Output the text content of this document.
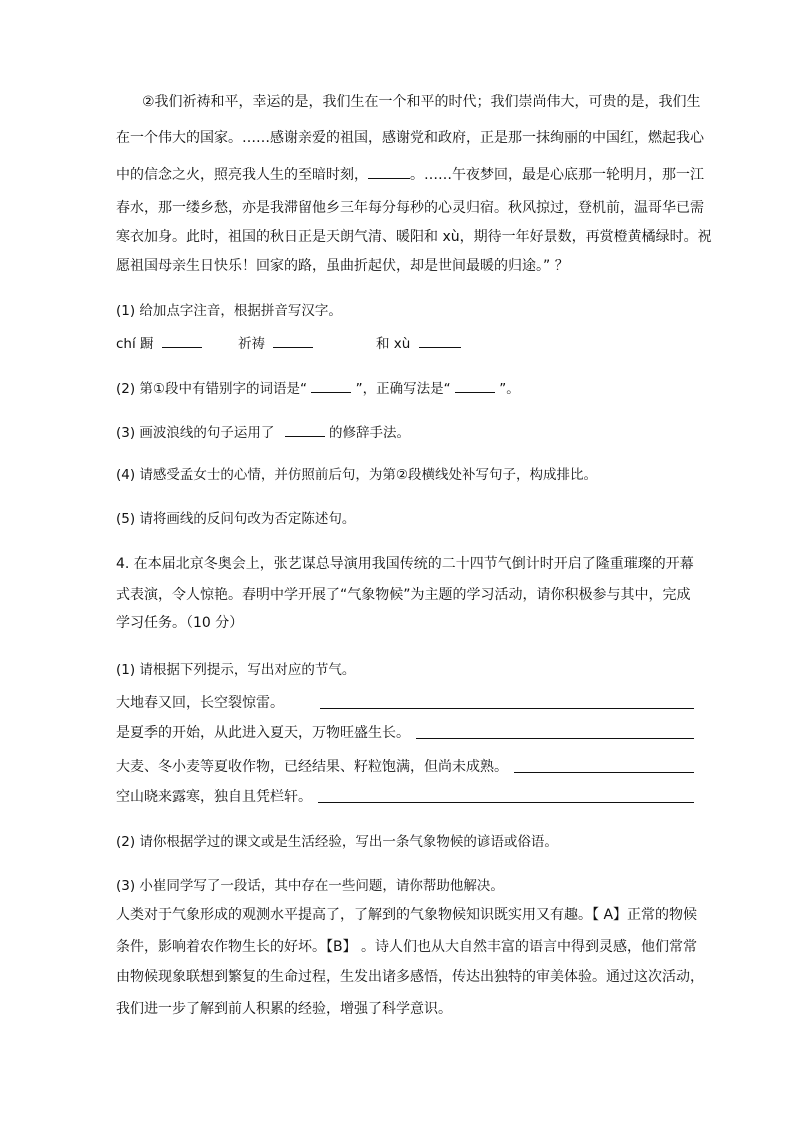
②我们祈祷和平，幸运的是，我们生在一个和平的时代；我们崇尚伟大，可贵的是，我们生
在一个伟大的国家。……感谢亲爱的祖国，感谢党和政府，正是那一抹绚丽的中国红，燃起我心
中的信念之火，照亮我人生的至暗时刻，	。……午夜梦回，最是心底那一轮明月，那一江
春水，那一缕乡愁，亦是我滞留他乡三年每分每秒的心灵归宿。秋风掠过，登机前，温哥华已需
寒衣加身。此时，祖国的秋日正是天朗气清、暖阳和 xù，期待一年好景数，再赏橙黄橘绿时。祝
愿祖国母亲生日快乐！回家的路，虽曲折起伏，却是世间最暖的归途。” ？
(1) 给加点字注音，根据拼音写汉字。
chí 蹰	祈祷	和 xù
(2) 第①段中有错别字的词语是“	”，正确写法是“	”。
(3) 画波浪线的句子运用了	的修辞手法。
(4) 请感受孟女士的心情，并仿照前后句，为第②段横线处补写句子，构成排比。
(5) 请将画线的反问句改为否定陈述句。
4. 在本届北京冬奥会上，张艺谋总导演用我国传统的二十四节气倒计时开启了隆重璀璨的开幕
式表演，令人惊艳。春明中学开展了“气象物候”为主题的学习活动，请你积极参与其中，完成
学习任务。（10 分）
(1) 请根据下列提示，写出对应的节气。
大地春又回，长空裂惊雷。
是夏季的开始，从此进入夏天，万物旺盛生长。
大麦、冬小麦等夏收作物，已经结果、籽粒饱满，但尚未成熟。
空山晓来露寒，独自且凭栏轩。
(2) 请你根据学过的课文或是生活经验，写出一条气象物候的谚语或俗语。
(3) 小崔同学写了一段话，其中存在一些问题，请你帮助他解决。
人类对于气象形成的观测水平提高了，了解到的气象物候知识既实用又有趣。【 A】正常的物候
条件，影响着农作物生长的好坏。【B】 。诗人们也从大自然丰富的语言中得到灵感，他们常常
由物候现象联想到繁复的生命过程，生发出诸多感悟，传达出独特的审美体验。通过这次活动，
我们进一步了解到前人积累的经验，增强了科学意识。
